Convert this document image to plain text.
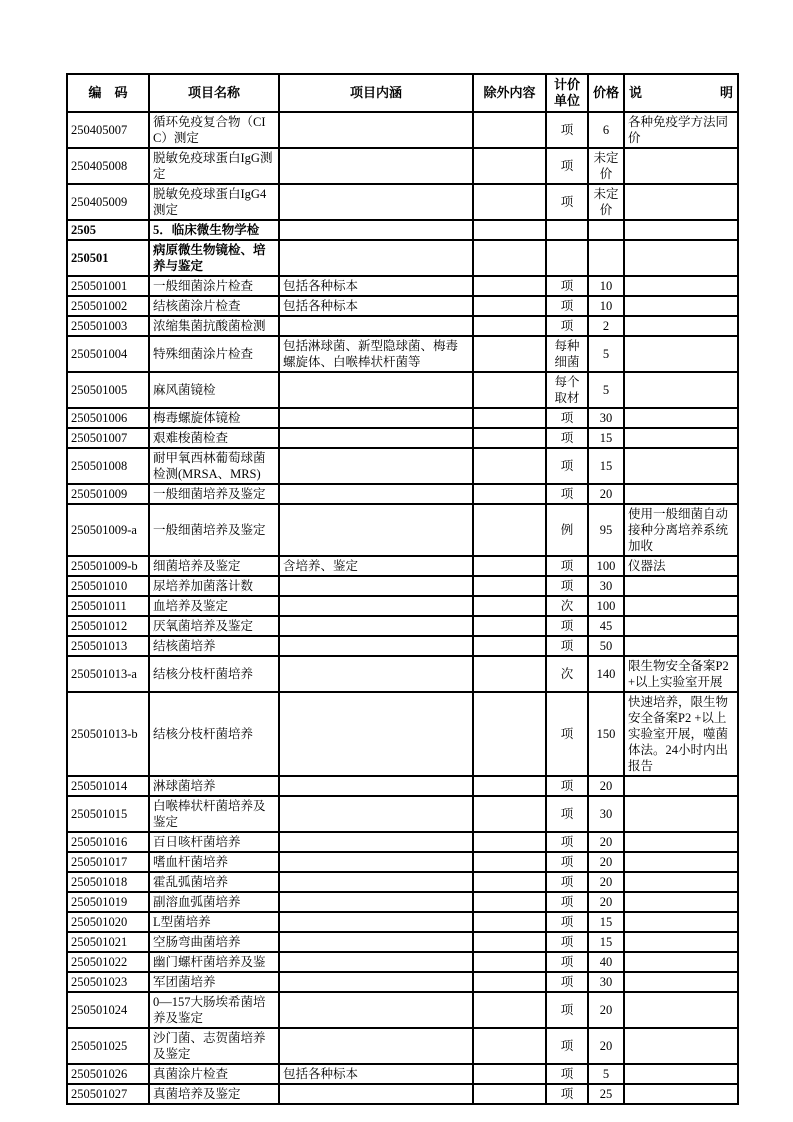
编　码	项目名称	项目内涵	除外内容	计价单位	价格	说 明

250405007	循环免疫复合物（CIC）测定			项	6	各种免疫学方法同价
250405008	脱敏免疫球蛋白IgG测定			项	未定价	
250405009	脱敏免疫球蛋白IgG4测定			项	未定价	
2505	5．临床微生物学检					
250501	病原微生物镜检、培养与鉴定					
250501001	一般细菌涂片检查	包括各种标本		项	10	
250501002	结核菌涂片检查	包括各种标本		项	10	
250501003	浓缩集菌抗酸菌检测			项	2	
250501004	特殊细菌涂片检查	包括淋球菌、新型隐球菌、梅毒螺旋体、白喉棒状杆菌等		每种细菌	5	
250501005	麻风菌镜检			每个取材	5	
250501006	梅毒螺旋体镜检			项	30	
250501007	艰难梭菌检查			项	15	
250501008	耐甲氧西林葡萄球菌检测(MRSA、MRS)			项	15	
250501009	一般细菌培养及鉴定			项	20	
250501009-a	一般细菌培养及鉴定			例	95	使用一般细菌自动接种分离培养系统加收
250501009-b	细菌培养及鉴定	含培养、鉴定		项	100	仪器法
250501010	尿培养加菌落计数			项	30	
250501011	血培养及鉴定			次	100	
250501012	厌氧菌培养及鉴定			项	45	
250501013	结核菌培养			项	50	
250501013-a	结核分枝杆菌培养			次	140	限生物安全备案P2 +以上实验室开展
250501013-b	结核分枝杆菌培养			项	150	快速培养，限生物安全备案P2 +以上实验室开展，噬菌体法。24小时内出报告
250501014	淋球菌培养			项	20	
250501015	白喉棒状杆菌培养及鉴定			项	30	
250501016	百日咳杆菌培养			项	20	
250501017	嗜血杆菌培养			项	20	
250501018	霍乱弧菌培养			项	20	
250501019	副溶血弧菌培养			项	20	
250501020	L型菌培养			项	15	
250501021	空肠弯曲菌培养			项	15	
250501022	幽门螺杆菌培养及鉴			项	40	
250501023	军团菌培养			项	30	
250501024	0—157大肠埃希菌培养及鉴定			项	20	
250501025	沙门菌、志贺菌培养及鉴定			项	20	
250501026	真菌涂片检查	包括各种标本		项	5	
250501027	真菌培养及鉴定			项	25	
